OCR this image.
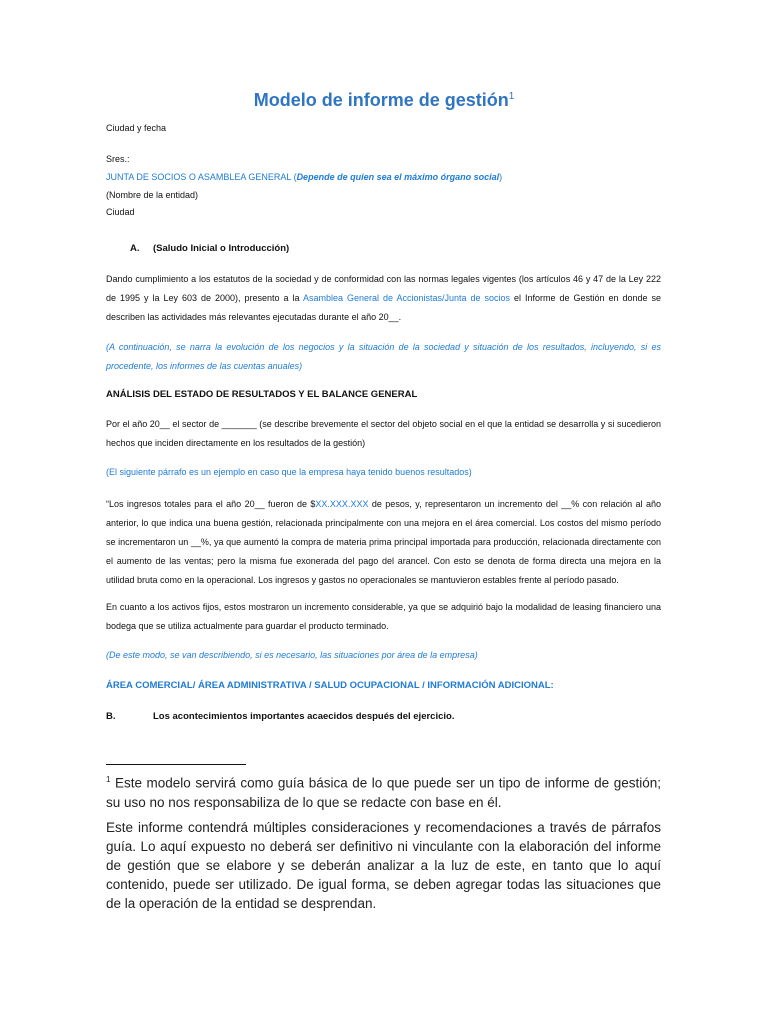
Modelo de informe de gestión$^1$
Ciudad y fecha
Sres.:
JUNTA DE SOCIOS O ASAMBLEA GENERAL (Depende de quien sea el máximo órgano social)
(Nombre de la entidad)
Ciudad
A. (Saludo Inicial o Introducción)
Dando cumplimiento a los estatutos de la sociedad y de conformidad con las normas legales vigentes (los artículos 46 y 47 de la Ley 222 de 1995 y la Ley 603 de 2000), presento a la Asamblea General de Accionistas/Junta de socios el Informe de Gestión en donde se describen las actividades más relevantes ejecutadas durante el año 20__.
(A continuación, se narra la evolución de los negocios y la situación de la sociedad y situación de los resultados, incluyendo, si es procedente, los informes de las cuentas anuales)
ANÁLISIS DEL ESTADO DE RESULTADOS Y EL BALANCE GENERAL
Por el año 20__ el sector de _______ (se describe brevemente el sector del objeto social en el que la entidad se desarrolla y si sucedieron hechos que inciden directamente en los resultados de la gestión)
(El siguiente párrafo es un ejemplo en caso que la empresa haya tenido buenos resultados)
“Los ingresos totales para el año 20__ fueron de $XX.XXX.XXX de pesos, y, representaron un incremento del __% con relación al año anterior, lo que indica una buena gestión, relacionada principalmente con una mejora en el área comercial. Los costos del mismo período se incrementaron un __%, ya que aumentó la compra de materia prima principal importada para producción, relacionada directamente con el aumento de las ventas; pero la misma fue exonerada del pago del arancel. Con esto se denota de forma directa una mejora en la utilidad bruta como en la operacional. Los ingresos y gastos no operacionales se mantuvieron estables frente al período pasado.
En cuanto a los activos fijos, estos mostraron un incremento considerable, ya que se adquirió bajo la modalidad de leasing financiero una bodega que se utiliza actualmente para guardar el producto terminado.
(De este modo, se van describiendo, si es necesario, las situaciones por área de la empresa)
ÁREA COMERCIAL/ ÁREA ADMINISTRATIVA / SALUD OCUPACIONAL / INFORMACIÓN ADICIONAL:
B.	Los acontecimientos importantes acaecidos después del ejercicio.
$^1$ Este modelo servirá como guía básica de lo que puede ser un tipo de informe de gestión; su uso no nos responsabiliza de lo que se redacte con base en él.
Este informe contendrá múltiples consideraciones y recomendaciones a través de párrafos guía. Lo aquí expuesto no deberá ser definitivo ni vinculante con la elaboración del informe de gestión que se elabore y se deberán analizar a la luz de este, en tanto que lo aquí contenido, puede ser utilizado. De igual forma, se deben agregar todas las situaciones que de la operación de la entidad se desprendan.
